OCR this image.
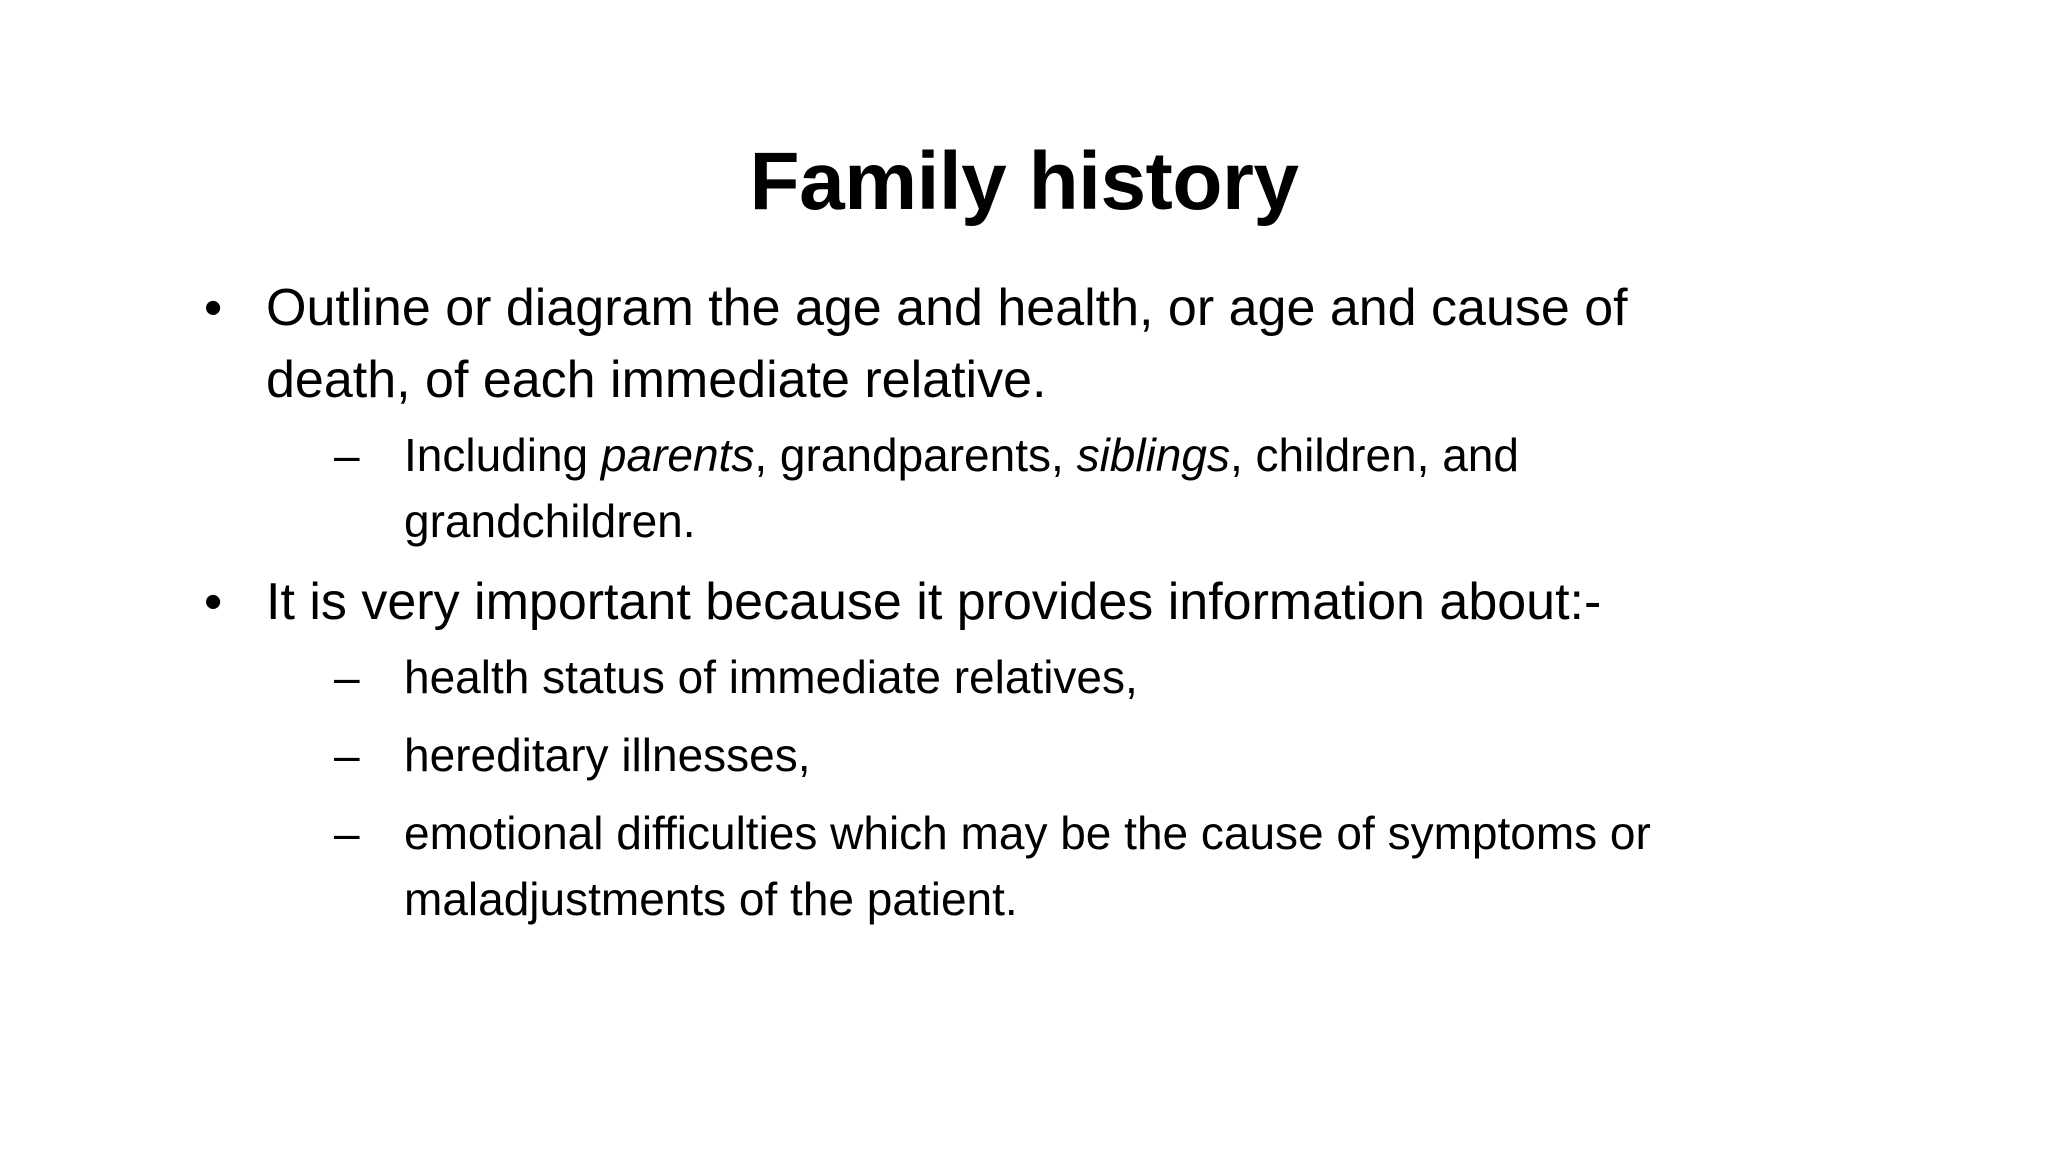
Family history
• Outline or diagram the age and health, or age and cause of death, of each immediate relative.
– Including parents, grandparents, siblings, children, and grandchildren.
• It is very important because it provides information about:-
– health status of immediate relatives,
– hereditary illnesses,
– emotional difficulties which may be the cause of symptoms or maladjustments of the patient.
